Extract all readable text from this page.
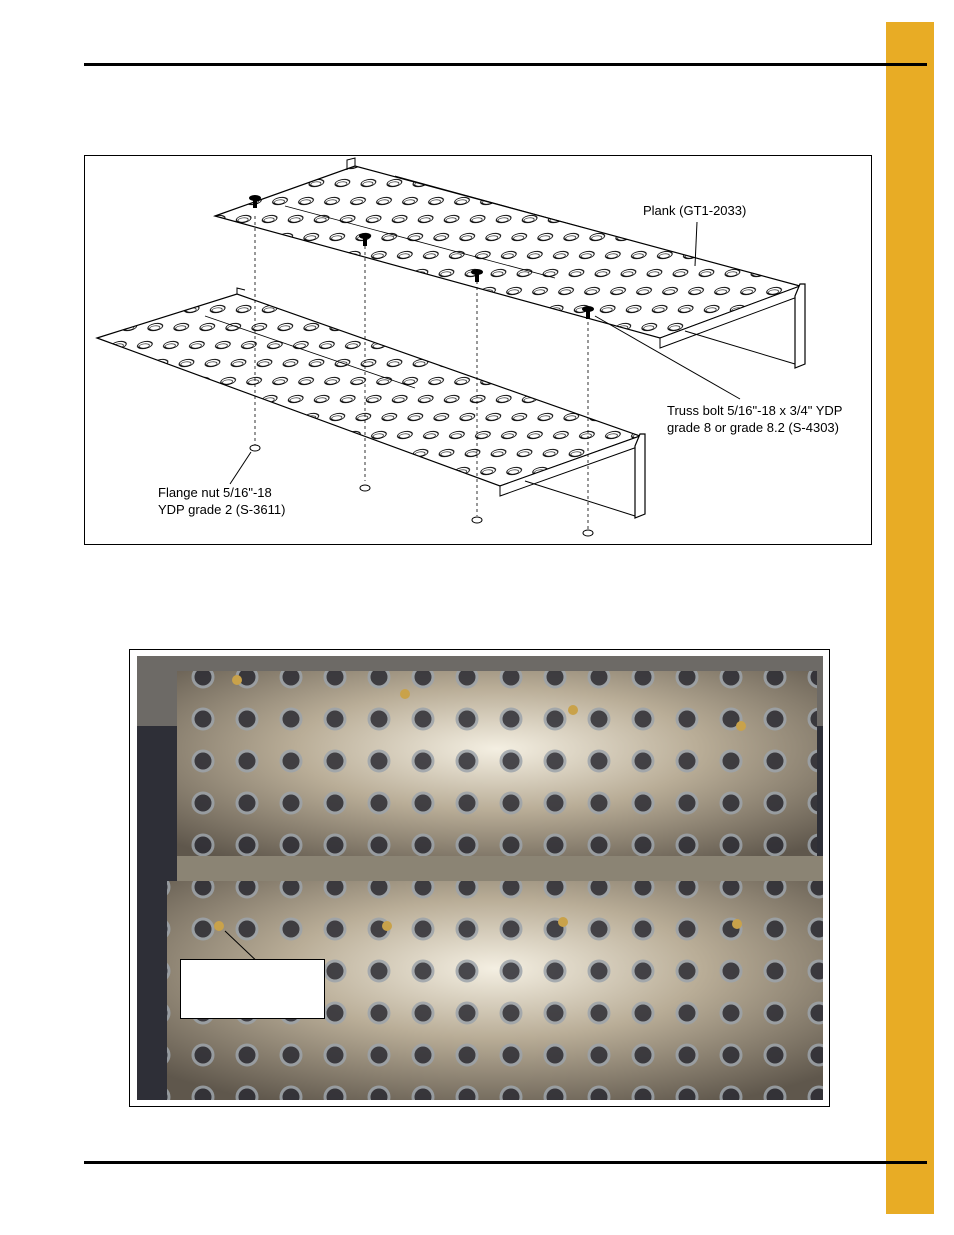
Plank (GT1-2033)
Truss bolt 5/16"-18 x 3/4" YDP
grade 8 or grade 8.2 (S-4303)
Flange nut 5/16"-18
YDP grade 2 (S-3611)
